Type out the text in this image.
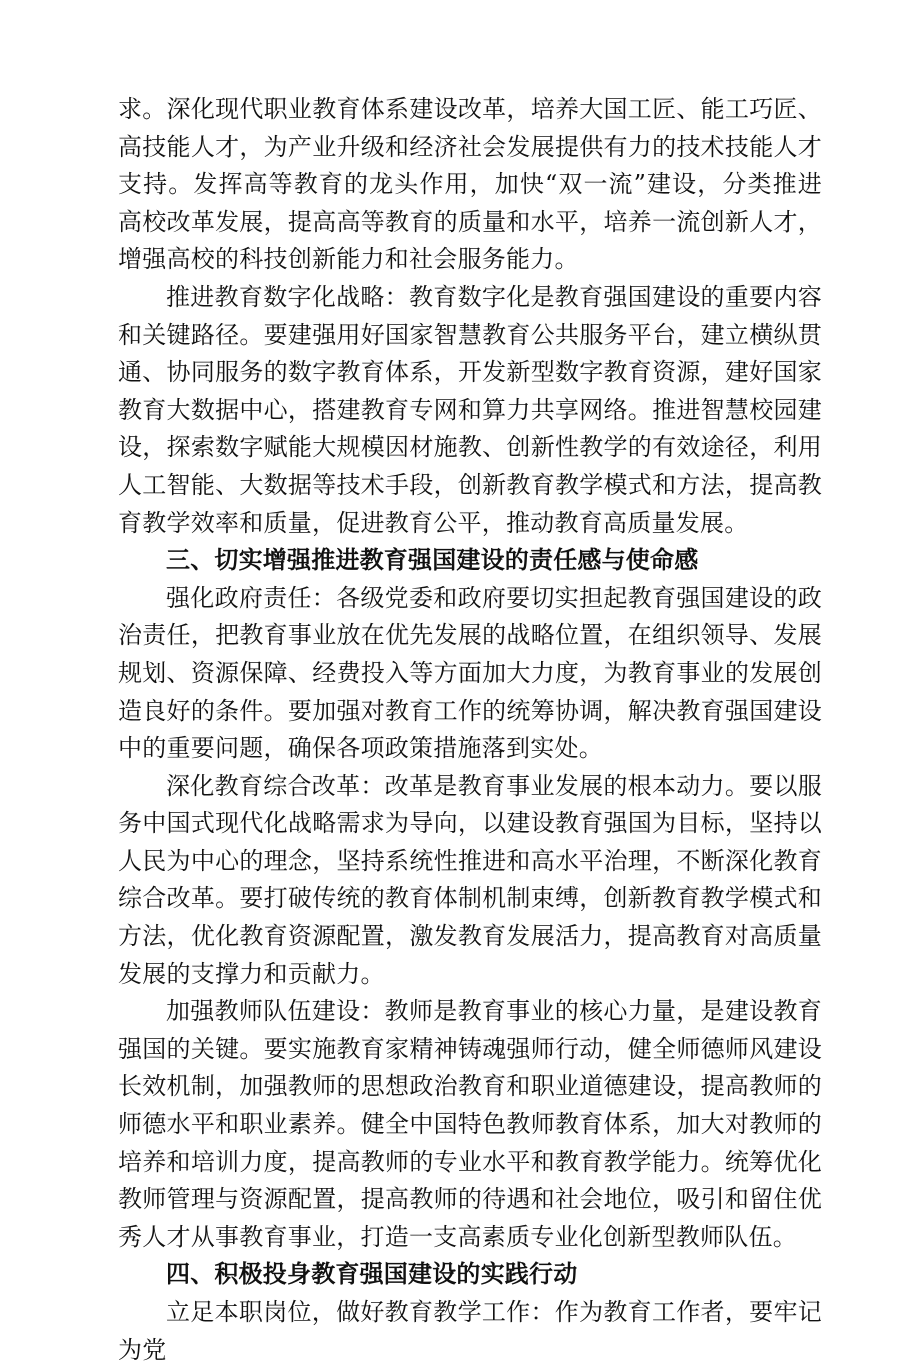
求。深化现代职业教育体系建设改革，培养大国工匠、能工巧匠、高技能人才，为产业升级和经济社会发展提供有力的技术技能人才支持。发挥高等教育的龙头作用，加快“双一流”建设，分类推进高校改革发展，提高高等教育的质量和水平，培养一流创新人才，增强高校的科技创新能力和社会服务能力。

推进教育数字化战略：教育数字化是教育强国建设的重要内容和关键路径。要建强用好国家智慧教育公共服务平台，建立横纵贯通、协同服务的数字教育体系，开发新型数字教育资源，建好国家教育大数据中心，搭建教育专网和算力共享网络。推进智慧校园建设，探索数字赋能大规模因材施教、创新性教学的有效途径，利用人工智能、大数据等技术手段，创新教育教学模式和方法，提高教育教学效率和质量，促进教育公平，推动教育高质量发展。

三、切实增强推进教育强国建设的责任感与使命感

强化政府责任：各级党委和政府要切实担起教育强国建设的政治责任，把教育事业放在优先发展的战略位置，在组织领导、发展规划、资源保障、经费投入等方面加大力度，为教育事业的发展创造良好的条件。要加强对教育工作的统筹协调，解决教育强国建设中的重要问题，确保各项政策措施落到实处。

深化教育综合改革：改革是教育事业发展的根本动力。要以服务中国式现代化战略需求为导向，以建设教育强国为目标，坚持以人民为中心的理念，坚持系统性推进和高水平治理，不断深化教育综合改革。要打破传统的教育体制机制束缚，创新教育教学模式和方法，优化教育资源配置，激发教育发展活力，提高教育对高质量发展的支撑力和贡献力。

加强教师队伍建设：教师是教育事业的核心力量，是建设教育强国的关键。要实施教育家精神铸魂强师行动，健全师德师风建设长效机制，加强教师的思想政治教育和职业道德建设，提高教师的师德水平和职业素养。健全中国特色教师教育体系，加大对教师的培养和培训力度，提高教师的专业水平和教育教学能力。统筹优化教师管理与资源配置，提高教师的待遇和社会地位，吸引和留住优秀人才从事教育事业，打造一支高素质专业化创新型教师队伍。

四、积极投身教育强国建设的实践行动

立足本职岗位，做好教育教学工作：作为教育工作者，要牢记为党
